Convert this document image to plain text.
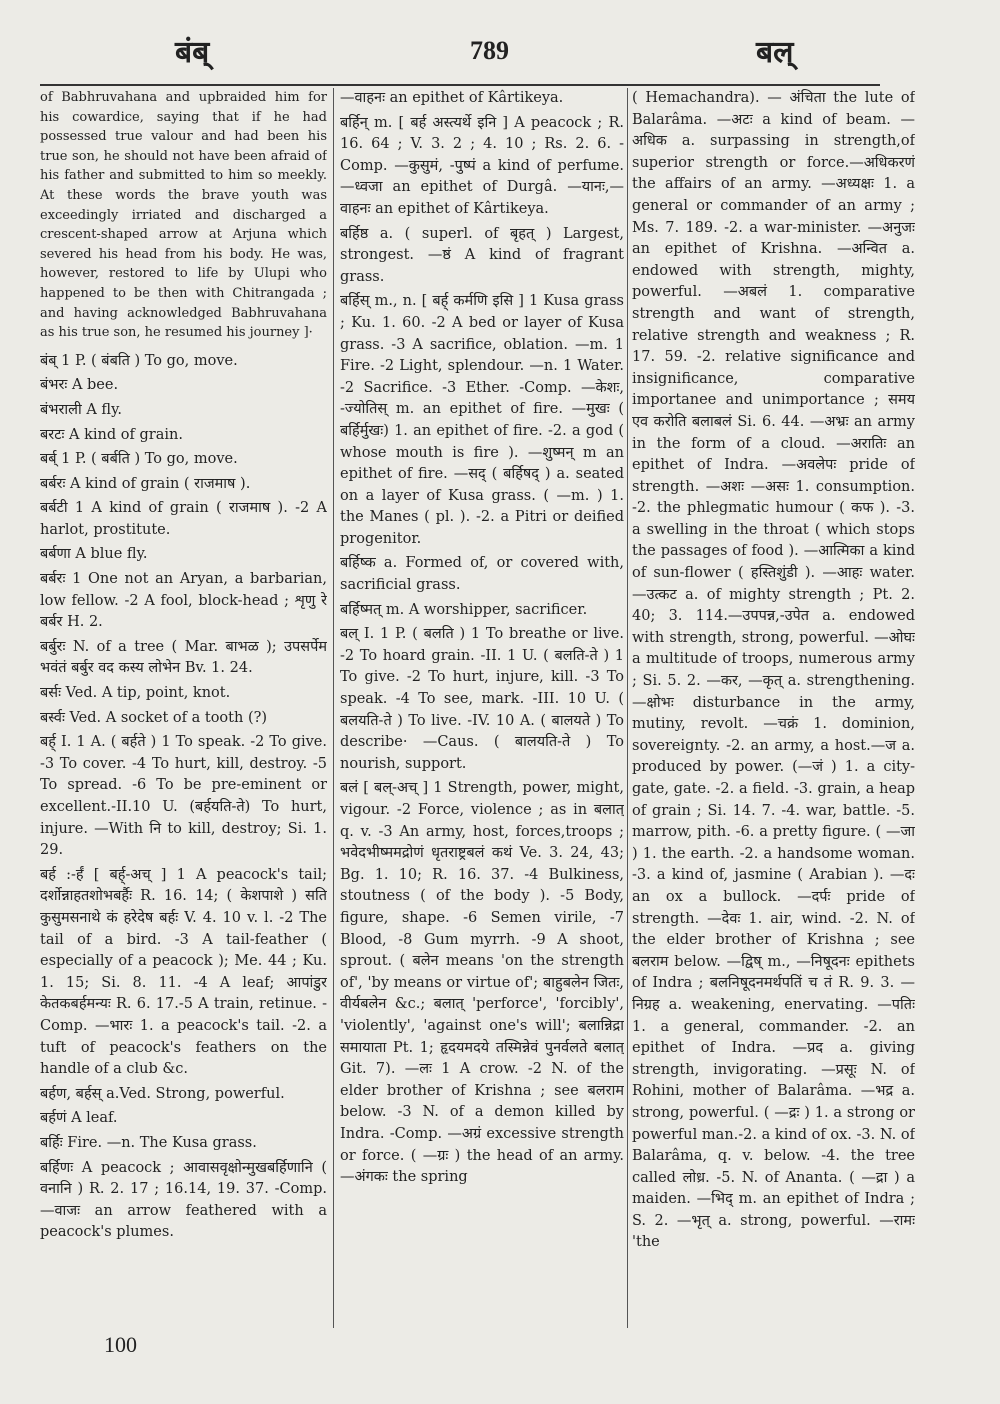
बंब्	789	बल्

of Babhruvahana and upbraided him for his cowardice, saying that if he had possessed true valour and had been his true son, he should not have been afraid of his father and submitted to him so meekly. At these words the brave youth was exceedingly irriated and discharged a crescent-shaped arrow at Arjuna which severed his head from his body. He was, however, restored to life by Ulupi who happened to be then with Chitrangada ; and having acknowledged Babhruvahana as his true son, he resumed his journey ]·

बंब् 1 P. ( बंबति ) To go, move.

बंभरः A bee.

बंभराली A fly.

बरटः A kind of grain.

बर्ब् 1 P. ( बर्बति ) To go, move.

बर्बरः A kind of grain ( राजमाष ).

बर्बटी 1 A kind of grain ( राजमाष ). -2 A harlot, prostitute.

बर्बणा A blue fly.

बर्बरः 1 One not an Aryan, a barbarian, low fellow. -2 A fool, block-head ; शृणु रे बर्बर H. 2.

बर्बुरः N. of a tree ( Mar. बाभळ ); उपसर्पेम भवंतं बर्बुर वद कस्य लोभेन Bv. 1. 24.

बर्सः Ved. A tip, point, knot.

बर्स्वः Ved. A socket of a tooth (?)

बर्ह् I. 1 A. ( बर्हते ) 1 To speak. -2 To give. -3 To cover. -4 To hurt, kill, destroy. -5 To spread. -6 To be pre-eminent or excellent.-II.10 U. (बर्हयति-ते) To hurt, injure. —With नि to kill, destroy; Si. 1. 29.

बर्ह :-र्हं [ बर्ह्-अच् ] 1 A peacock's tail; दर्शोन्नाहतशोभबर्हैः R. 16. 14; ( केशपाशे ) सति कुसुमसनाथे कं हरेदेष बर्हः V. 4. 10 v. l. -2 The tail of a bird. -3 A tail-feather ( especially of a peacock ); Me. 44 ; Ku. 1. 15; Si. 8. 11. -4 A leaf; आपांडुर केतकबर्हमन्यः R. 6. 17.-5 A train, retinue. -Comp. —भारः 1. a peacock's tail. -2. a tuft of peacock's feathers on the handle of a club &c.

बर्हण, बर्हस् a.Ved. Strong, powerful.

बर्हणं A leaf.

बर्हिः Fire. —n. The Kusa grass.

बर्हिणः A peacock ; आवासवृक्षोन्मुखबर्हिणानि ( वनानि ) R. 2. 17 ; 16.14, 19. 37. -Comp. —वाजः an arrow feathered with a peacock's plumes.

—वाहनः an epithet of Kârtikeya.

बर्हिन् m. [ बर्ह अस्त्यर्थे इनि ] A peacock ; R. 16. 64 ; V. 3. 2 ; 4. 10 ; Rs. 2. 6. -Comp. —कुसुमं, -पुष्पं a kind of perfume. —ध्वजा an epithet of Durgâ. —यानः,—वाहनः an epithet of Kârtikeya.

बर्हिष्ठ a. ( superl. of बृहत् ) Largest, strongest. —ष्ठं A kind of fragrant grass.

बर्हिस् m., n. [ बर्ह् कर्मणि इसि ] 1 Kusa grass ; Ku. 1. 60. -2 A bed or layer of Kusa grass. -3 A sacrifice, oblation. —m. 1 Fire. -2 Light, splendour. —n. 1 Water. -2 Sacrifice. -3 Ether. -Comp. —केशः, -ज्योतिस् m. an epithet of fire. —मुखः ( बर्हिर्मुखः) 1. an epithet of fire. -2. a god ( whose mouth is fire ). —शुष्मन् m an epithet of fire. —सद् ( बर्हिषद् ) a. seated on a layer of Kusa grass. ( —m. ) 1. the Manes ( pl. ). -2. a Pitri or deified progenitor.

बर्हिष्क a. Formed of, or covered with, sacrificial grass.

बर्हिष्मत् m. A worshipper, sacrificer.

बल् I. 1 P. ( बलति ) 1 To breathe or live. -2 To hoard grain. -II. 1 U. ( बलति-ते ) 1 To give. -2 To hurt, injure, kill. -3 To speak. -4 To see, mark. -III. 10 U. ( बलयति-ते ) To live. -IV. 10 A. ( बालयते ) To describe· —Caus. ( बालयति-ते ) To nourish, support.

बलं [ बल्-अच् ] 1 Strength, power, might, vigour. -2 Force, violence ; as in बलात् q. v. -3 An army, host, forces,troops ; भवेदभीष्ममद्रोणं धृतराष्ट्रबलं कथं Ve. 3. 24, 43; Bg. 1. 10; R. 16. 37. -4 Bulkiness, stoutness ( of the body ). -5 Body, figure, shape. -6 Semen virile, -7 Blood, -8 Gum myrrh. -9 A shoot, sprout. ( बलेन means 'on the strength of', 'by means or virtue of'; बाहुबलेन जितः, वीर्यबलेन &c.; बलात् 'perforce', 'forcibly', 'violently', 'against one's will'; बलान्निद्रा समायाता Pt. 1; हृदयमदये तस्मिन्नेवं पुनर्वलते बलात् Git. 7). —लः 1 A crow. -2 N. of the elder brother of Krishna ; see बलराम below. -3 N. of a demon killed by Indra. -Comp. —अग्रं excessive strength or force. ( —ग्रः ) the head of an army. —अंगकः the spring

( Hemachandra). — अंचिता the lute of Balarâma. —अटः a kind of beam. —अधिक a. surpassing in strength,of superior strength or force.—अधिकरणं the affairs of an army. —अध्यक्षः 1. a general or commander of an army ; Ms. 7. 189. -2. a war-minister. —अनुजः an epithet of Krishna. —अन्वित a. endowed with strength, mighty, powerful. —अबलं 1. comparative strength and want of strength, relative strength and weakness ; R. 17. 59. -2. relative significance and insignificance, comparative importanee and unimportance ; समय एव करोति बलाबलं Si. 6. 44. —अभ्रः an army in the form of a cloud. —अरातिः an epithet of Indra. —अवलेपः pride of strength. —अशः —असः 1. consumption. -2. the phlegmatic humour ( कफ ). -3. a swelling in the throat ( which stops the passages of food ). —आत्मिका a kind of sun-flower ( हस्तिशुंडी ). —आहः water. —उत्कट a. of mighty strength ; Pt. 2. 40; 3. 114.—उपपन्न,-उपेत a. endowed with strength, strong, powerful. —ओघः a multitude of troops, numerous army ; Si. 5. 2. —कर, —कृत् a. strengthening. —क्षोभः disturbance in the army, mutiny, revolt. —चक्रं 1. dominion, sovereignty. -2. an army, a host.—ज a. produced by power. (—जं ) 1. a city-gate, gate. -2. a field. -3. grain, a heap of grain ; Si. 14. 7. -4. war, battle. -5. marrow, pith. -6. a pretty figure. ( —जा ) 1. the earth. -2. a handsome woman. -3. a kind of, jasmine ( Arabian ). —दः an ox a bullock. —दर्पः pride of strength. —देवः 1. air, wind. -2. N. of the elder brother of Krishna ; see बलराम below. —द्विष् m., —निषूदनः epithets of Indra ; बलनिषूदनमर्थपतिं च तं R. 9. 3. —निग्रह a. weakening, enervating. —पतिः 1. a general, commander. -2. an epithet of Indra. —प्रद a. giving strength, invigorating. —प्रसूः N. of Rohini, mother of Balarâma. —भद्र a. strong, powerful. ( —द्रः ) 1. a strong or powerful man.-2. a kind of ox. -3. N. of Balarâma, q. v. below. -4. the tree called लोध्र. -5. N. of Ananta. ( —द्रा ) a maiden. —भिद् m. an epithet of Indra ; S. 2. —भृत् a. strong, powerful. —रामः 'the

100
